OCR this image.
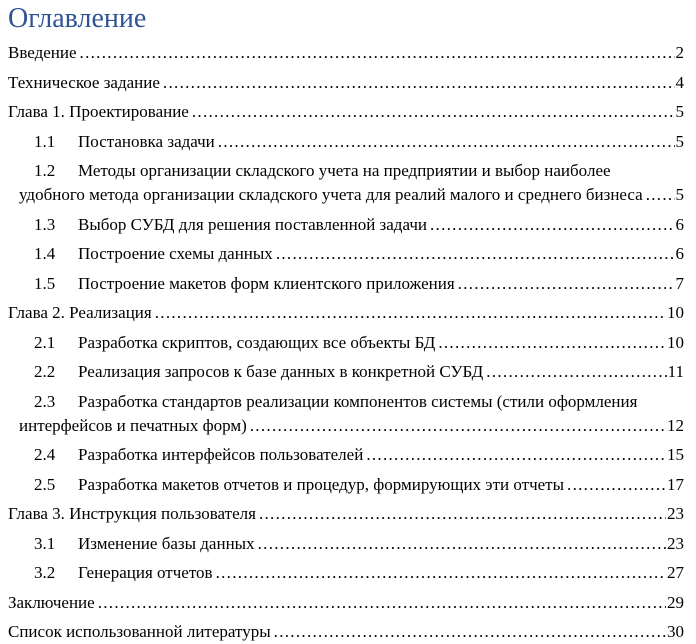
Оглавление
Введение .....	2
Техническое задание .....	4
Глава 1. Проектирование .....	5
1.1	Постановка задачи .....	5
1.2	Методы организации складского учета на предприятии и выбор наиболее
удобного метода организации складского учета для реалий малого и среднего бизнеса ..... 5
1.3	Выбор СУБД для решения поставленной задачи .....	6
1.4	Построение схемы данных .....	6
1.5	Построение макетов форм клиентского приложения .....	7
Глава 2. Реализация .....	10
2.1	Разработка скриптов, создающих все объекты БД .....	10
2.2	Реализация запросов к базе данных в конкретной СУБД .....	11
2.3	Разработка стандартов реализации компонентов системы (стили оформления
интерфейсов и печатных форм) .....	12
2.4	Разработка интерфейсов пользователей .....	15
2.5	Разработка макетов отчетов и процедур, формирующих эти отчеты .....	17
Глава 3. Инструкция пользователя .....	23
3.1	Изменение базы данных .....	23
3.2	Генерация отчетов .....	27
Заключение .....	29
Список использованной литературы .....	30
